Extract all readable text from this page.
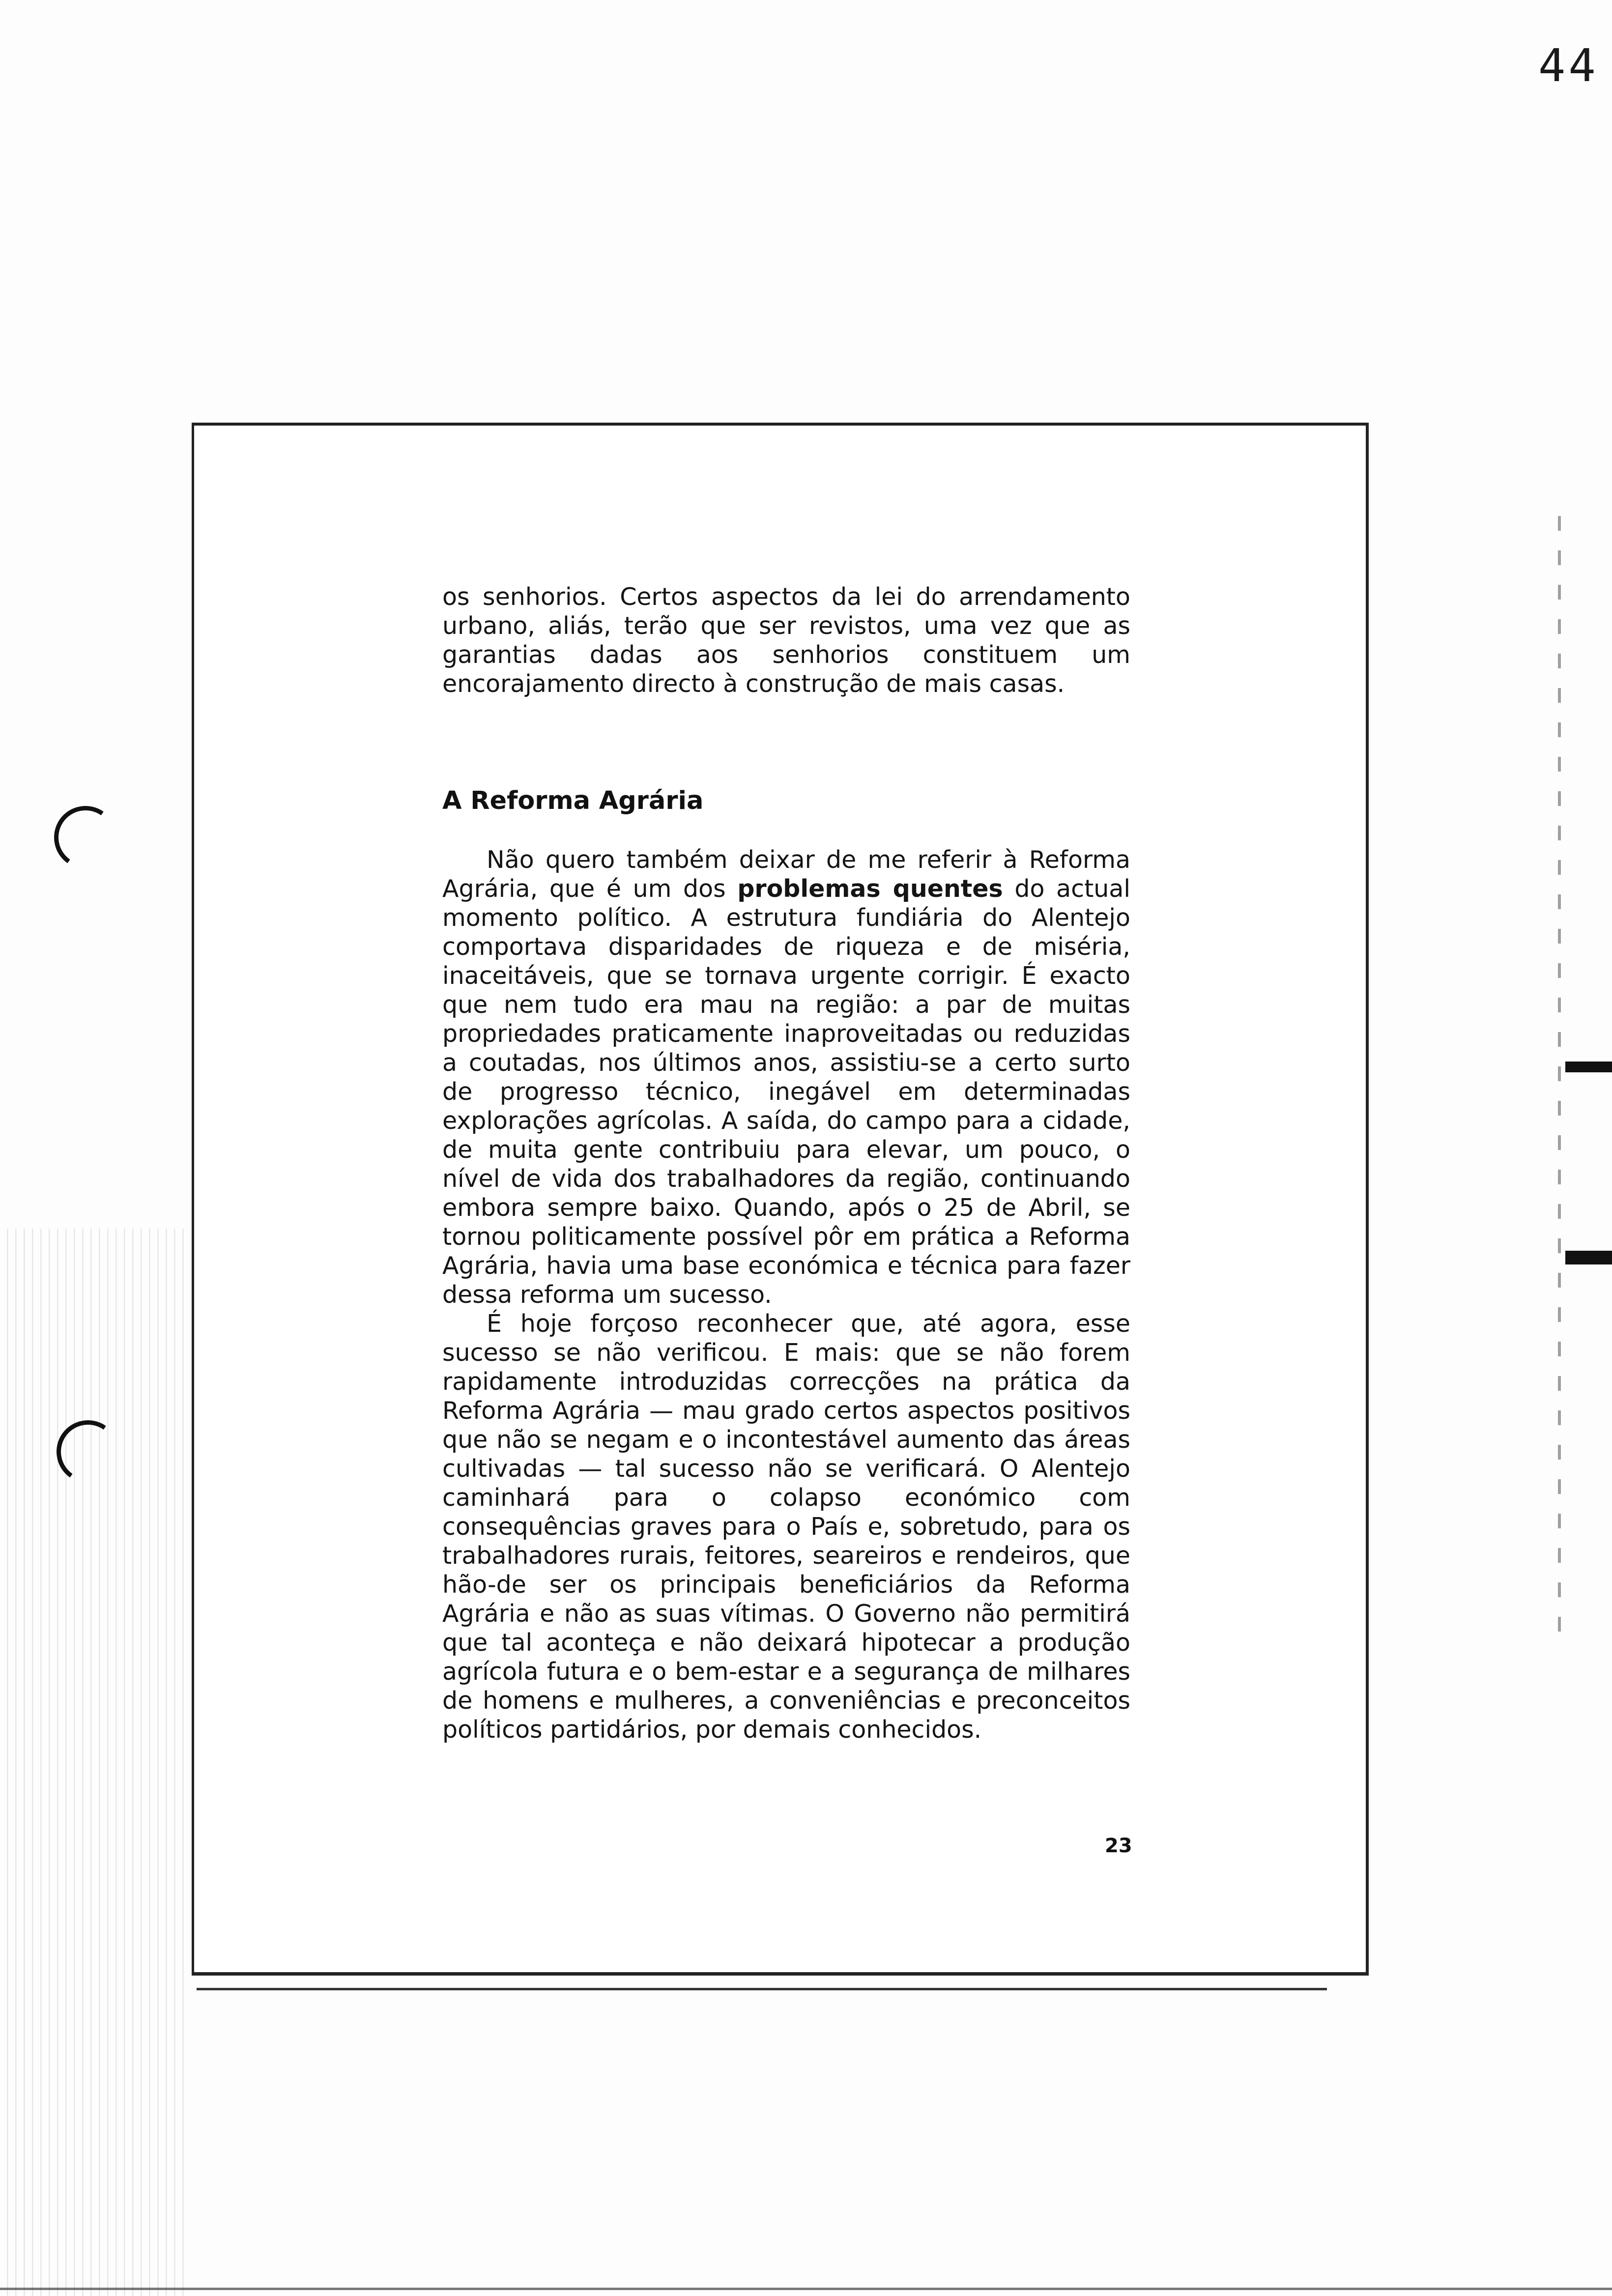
44

os senhorios. Certos aspectos da lei do arrendamento urbano, aliás, terão que ser revistos, uma vez que as garantias dadas aos senhorios constituem um encorajamento directo à construção de mais casas.

A Reforma Agrária

Não quero também deixar de me referir à Reforma Agrária, que é um dos problemas quentes do actual momento político. A estrutura fundiária do Alentejo comportava disparidades de riqueza e de miséria, inaceitáveis, que se tornava urgente corrigir. É exacto que nem tudo era mau na região: a par de muitas propriedades praticamente inaproveitadas ou reduzidas a coutadas, nos últimos anos, assistiu-se a certo surto de progresso técnico, inegável em determinadas explorações agrícolas. A saída, do campo para a cidade, de muita gente contribuiu para elevar, um pouco, o nível de vida dos trabalhadores da região, continuando embora sempre baixo. Quando, após o 25 de Abril, se tornou politicamente possível pôr em prática a Reforma Agrária, havia uma base económica e técnica para fazer dessa reforma um sucesso.

É hoje forçoso reconhecer que, até agora, esse sucesso se não verificou. E mais: que se não forem rapidamente introduzidas correcções na prática da Reforma Agrária — mau grado certos aspectos positivos que não se negam e o incontestável aumento das áreas cultivadas — tal sucesso não se verificará. O Alentejo caminhará para o colapso económico com consequências graves para o País e, sobretudo, para os trabalhadores rurais, feitores, seareiros e rendeiros, que hão-de ser os principais beneficiários da Reforma Agrária e não as suas vítimas. O Governo não permitirá que tal aconteça e não deixará hipotecar a produção agrícola futura e o bem-estar e a segurança de milhares de homens e mulheres, a conveniências e preconceitos políticos partidários, por demais conhecidos.

23
